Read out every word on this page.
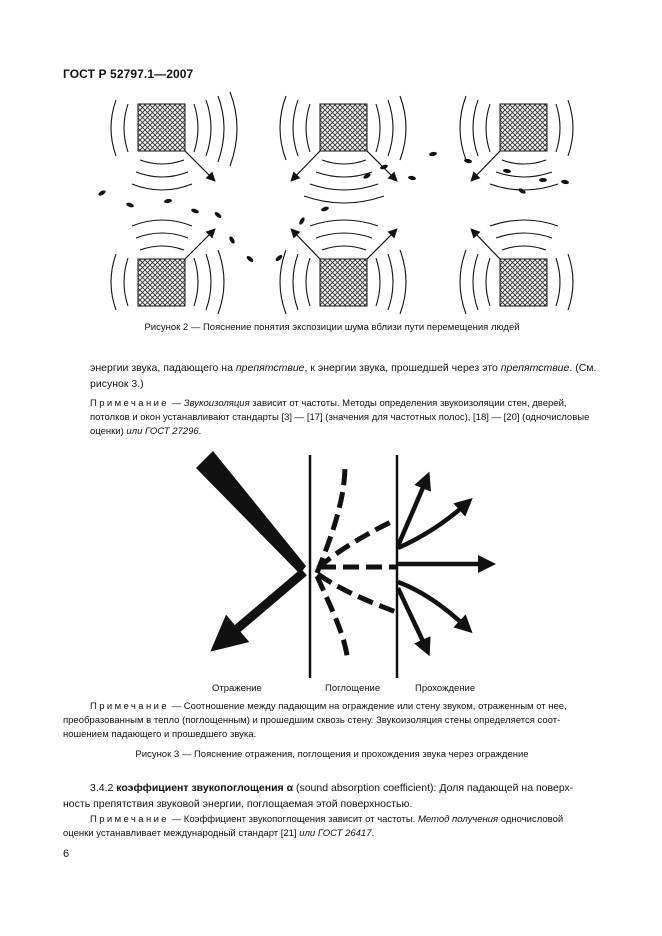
ГОСТ Р 52797.1—2007
Рисунок 2 — Пояснение понятия экспозиции шума вблизи пути перемещения людей
энергии звука, падающего на препятствие, к энергии звука, прошедшей через это препятствие. (См.
рисунок 3.)
Примечание — Звукоизоляция зависит от частоты. Методы определения звукоизоляции стен, дверей,
потолков и окон устанавливают стандарты [3] — [17] (значения для частотных полос), [18] — [20] (одночисловые
оценки) или ГОСТ 27296.
Отражение	Поглощение	Прохождение
Примечание — Соотношение между падающим на ограждение или стену звуком, отраженным от нее,
преобразованным в тепло (поглощенным) и прошедшим сквозь стену. Звукоизоляция стены определяется соот-
ношением падающего и прошедшего звука.
Рисунок 3 — Пояснение отражения, поглощения и прохождения звука через ограждение
3.4.2 коэффициент звукопоглощения α (sound absorption coefficient): Доля падающей на поверх-
ность препятствия звуковой энергии, поглощаемая этой поверхностью.
Примечание — Коэффициент звукопоглощения зависит от частоты. Метод получения одночисловой
оценки устанавливает международный стандарт [21] или ГОСТ 26417.
6
